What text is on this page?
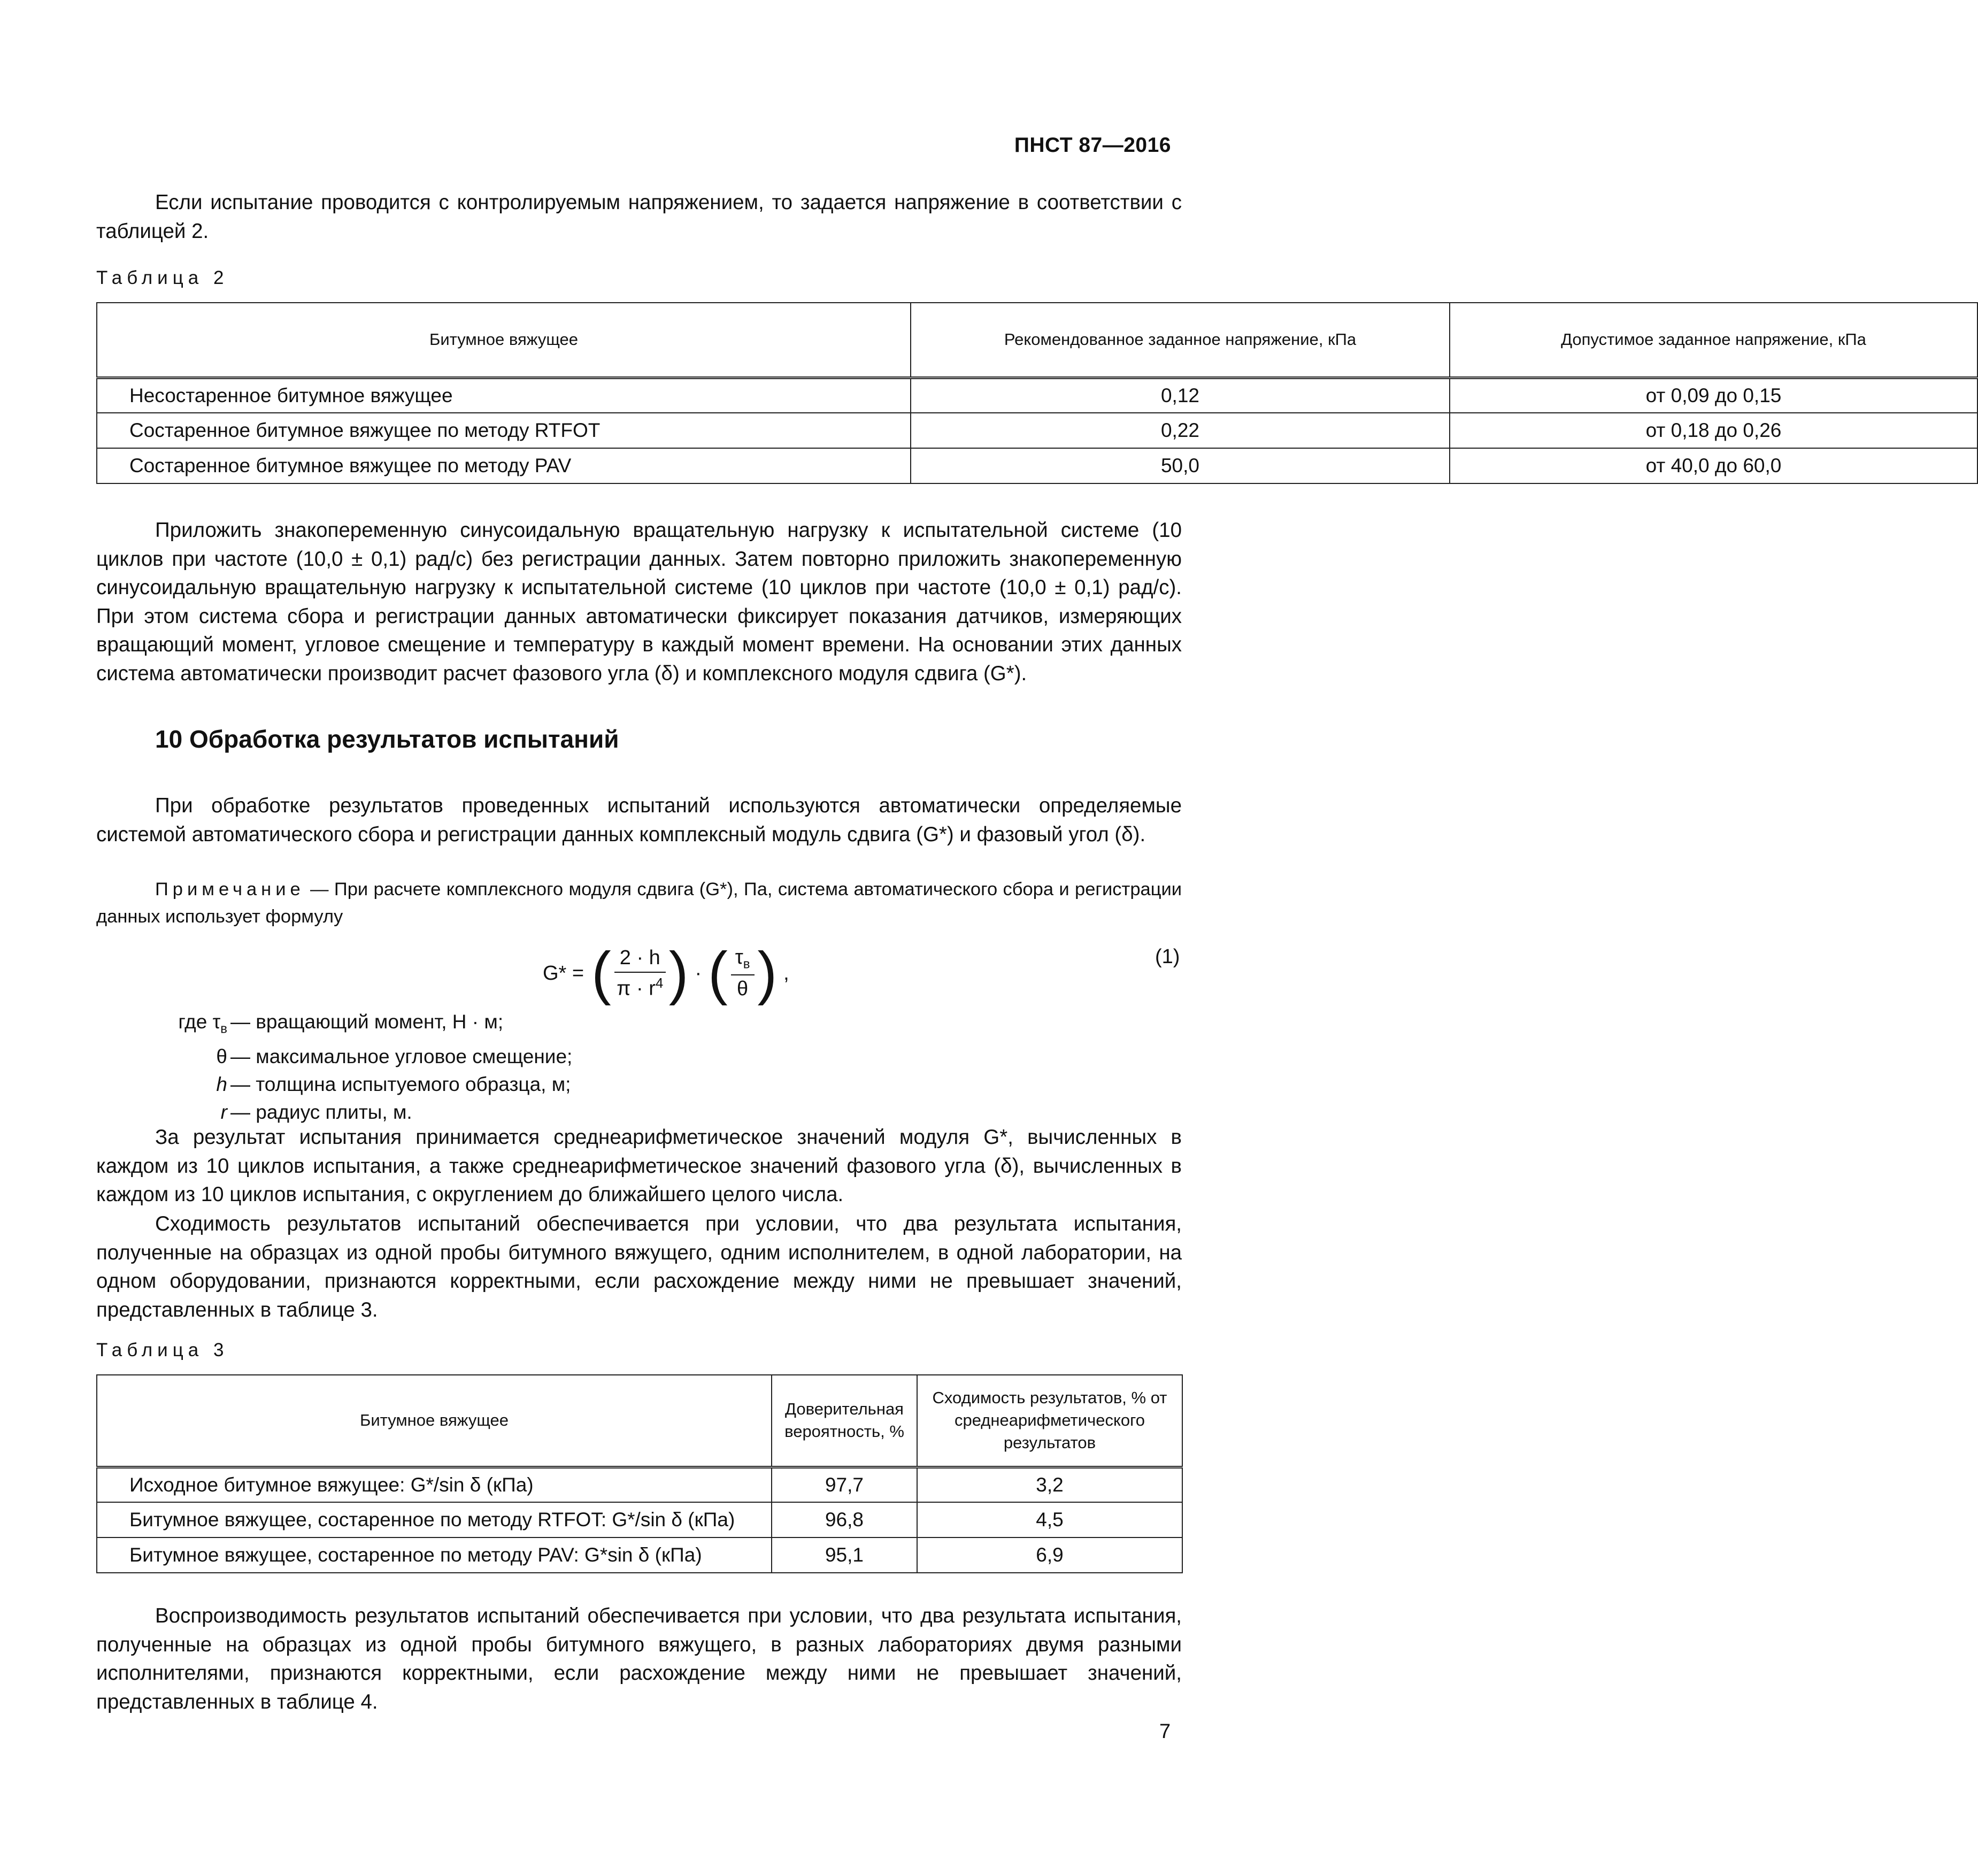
ПНСТ 87—2016
Если испытание проводится с контролируемым напряжением, то задается напряжение в соответствии с таблицей 2.
Таблица 2
Битумное вяжущее	Рекомендованное заданное напряжение, кПа	Допустимое заданное напряжение, кПа
Несостаренное битумное вяжущее	0,12	от 0,09 до 0,15
Состаренное битумное вяжущее по методу RTFOT	0,22	от 0,18 до 0,26
Состаренное битумное вяжущее по методу PAV	50,0	от 40,0 до 60,0
Приложить знакопеременную синусоидальную вращательную нагрузку к испытательной системе (10 циклов при частоте (10,0 ± 0,1) рад/с) без регистрации данных. Затем повторно приложить знакопеременную синусоидальную вращательную нагрузку к испытательной системе (10 циклов при частоте (10,0 ± 0,1) рад/с). При этом система сбора и регистрации данных автоматически фиксирует показания датчиков, измеряющих вращающий момент, угловое смещение и температуру в каждый момент времени. На основании этих данных система автоматически производит расчет фазового угла (δ) и комплексного модуля сдвига (G*).
10 Обработка результатов испытаний
При обработке результатов проведенных испытаний используются автоматически определяемые системой автоматического сбора и регистрации данных комплексный модуль сдвига (G*) и фазовый угол (δ).
Примечание — При расчете комплексного модуля сдвига (G*), Па, система автоматического сбора и регистрации данных использует формулу
G* = ( 2 · h
$\pi \cdot r^4$ ) · ( $\tau_в$
θ ) ,
(1)
где $\tau_в$ — вращающий момент, Н · м;
θ — максимальное угловое смещение;
h — толщина испытуемого образца, м;
r — радиус плиты, м.
За результат испытания принимается среднеарифметическое значений модуля G*, вычисленных в каждом из 10 циклов испытания, а также среднеарифметическое значений фазового угла (δ), вычисленных в каждом из 10 циклов испытания, с округлением до ближайшего целого числа.
Сходимость результатов испытаний обеспечивается при условии, что два результата испытания, полученные на образцах из одной пробы битумного вяжущего, одним исполнителем, в одной лаборатории, на одном оборудовании, признаются корректными, если расхождение между ними не превышает значений, представленных в таблице 3.
Таблица 3
Битумное вяжущее	Доверительная вероятность, %	Сходимость результатов, % от среднеарифметического результатов
Исходное битумное вяжущее: G*/sin δ (кПа)	97,7	3,2
Битумное вяжущее, состаренное по методу RTFOT: G*/sin δ (кПа)	96,8	4,5
Битумное вяжущее, состаренное по методу PAV: G*sin δ (кПа)	95,1	6,9
Воспроизводимость результатов испытаний обеспечивается при условии, что два результата испытания, полученные на образцах из одной пробы битумного вяжущего, в разных лабораториях двумя разными исполнителями, признаются корректными, если расхождение между ними не превышает значений, представленных в таблице 4.
7
